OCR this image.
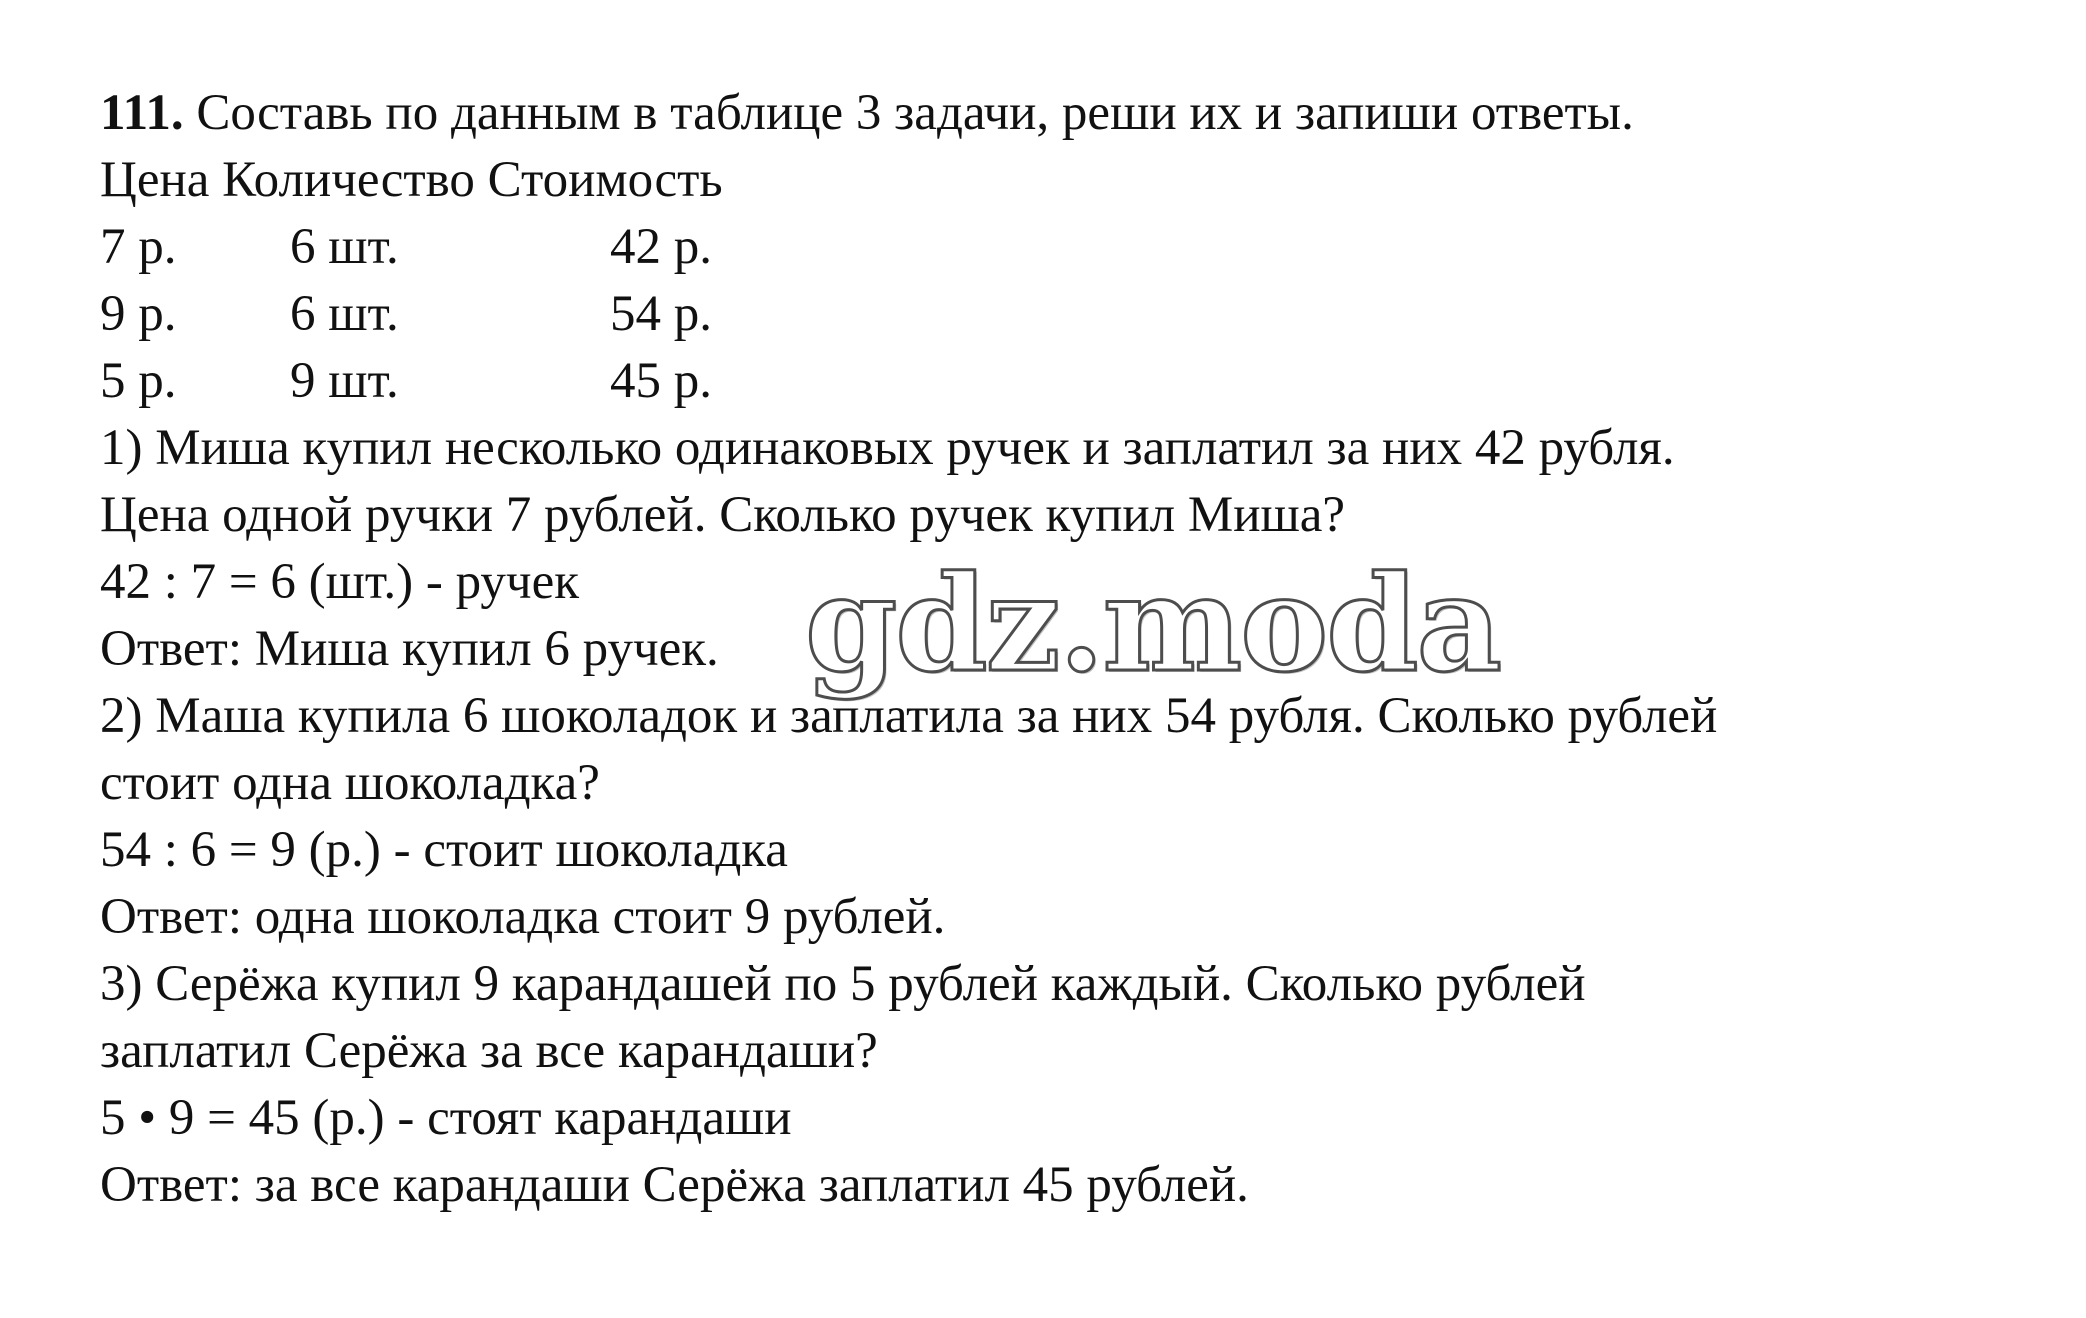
111. Составь по данным в таблице 3 задачи, реши их и запиши ответы.
Цена Количество Стоимость
7 р. 6 шт.	42 р.
9 р. 6 шт.	54 р.
5 р. 9 шт.	45 р.
1) Миша купил несколько одинаковых ручек и заплатил за них 42 рубля.
Цена одной ручки 7 рублей. Сколько ручек купил Миша?
42 : 7 = 6 (шт.) - ручек
Ответ: Миша купил 6 ручек.
2) Маша купила 6 шоколадок и заплатила за них 54 рубля. Сколько рублей
стоит одна шоколадка?
54 : 6 = 9 (р.) - стоит шоколадка
Ответ: одна шоколадка стоит 9 рублей.
3) Серёжа купил 9 карандашей по 5 рублей каждый. Сколько рублей
заплатил Серёжа за все карандаши?
5 • 9 = 45 (р.) - стоят карандаши
Ответ: за все карандаши Серёжа заплатил 45 рублей.
gdz.moda
